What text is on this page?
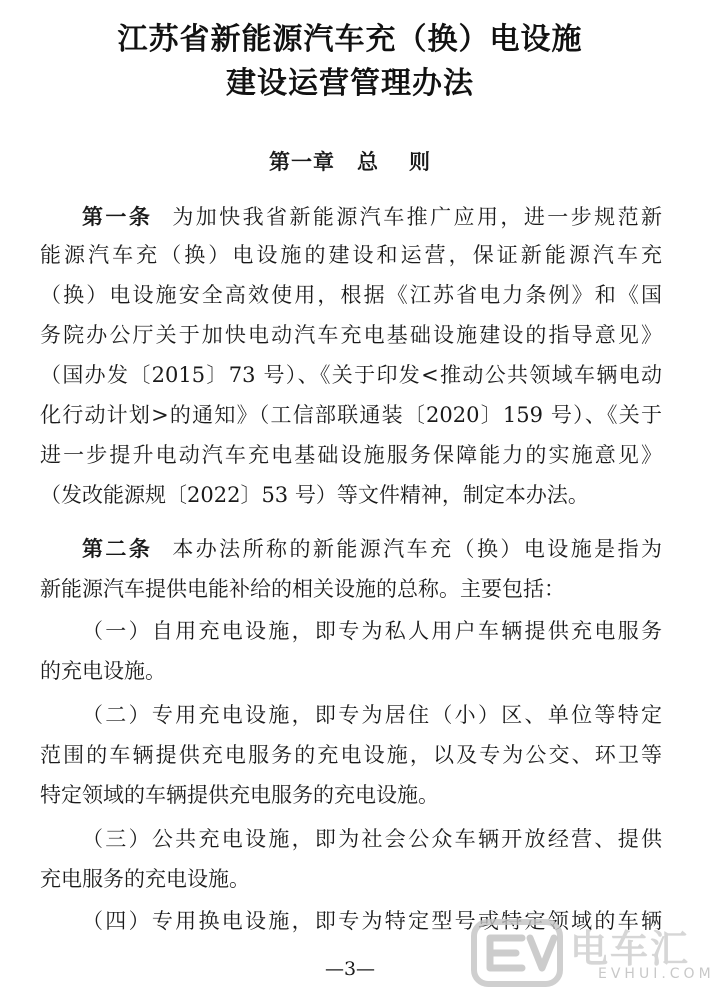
江苏省新能源汽车充（换）电设施
建设运营管理办法
第一章 总 则
第一条 为加快我省新能源汽车推广应用，进一步规范新
能源汽车充（换）电设施的建设和运营，保证新能源汽车充
（换）电设施安全高效使用，根据《江苏省电力条例》和《国
务院办公厅关于加快电动汽车充电基础设施建设的指导意见》
（国办发〔2015〕73 号）、《关于印发<推动公共领域车辆电动
化行动计划>的通知》（工信部联通装〔2020〕159 号）、《关于
进一步提升电动汽车充电基础设施服务保障能力的实施意见》
（发改能源规〔2022〕53 号）等文件精神，制定本办法。
第二条 本办法所称的新能源汽车充（换）电设施是指为
新能源汽车提供电能补给的相关设施的总称。主要包括：
（一）自用充电设施，即专为私人用户车辆提供充电服务
的充电设施。
（二）专用充电设施，即专为居住（小）区、单位等特定
范围的车辆提供充电服务的充电设施，以及专为公交、环卫等
特定领域的车辆提供充电服务的充电设施。
（三）公共充电设施，即为社会公众车辆开放经营、提供
充电服务的充电设施。
（四）专用换电设施，即专为特定型号或特定领域的车辆
—3—	电车汇
EVHUI.COM
